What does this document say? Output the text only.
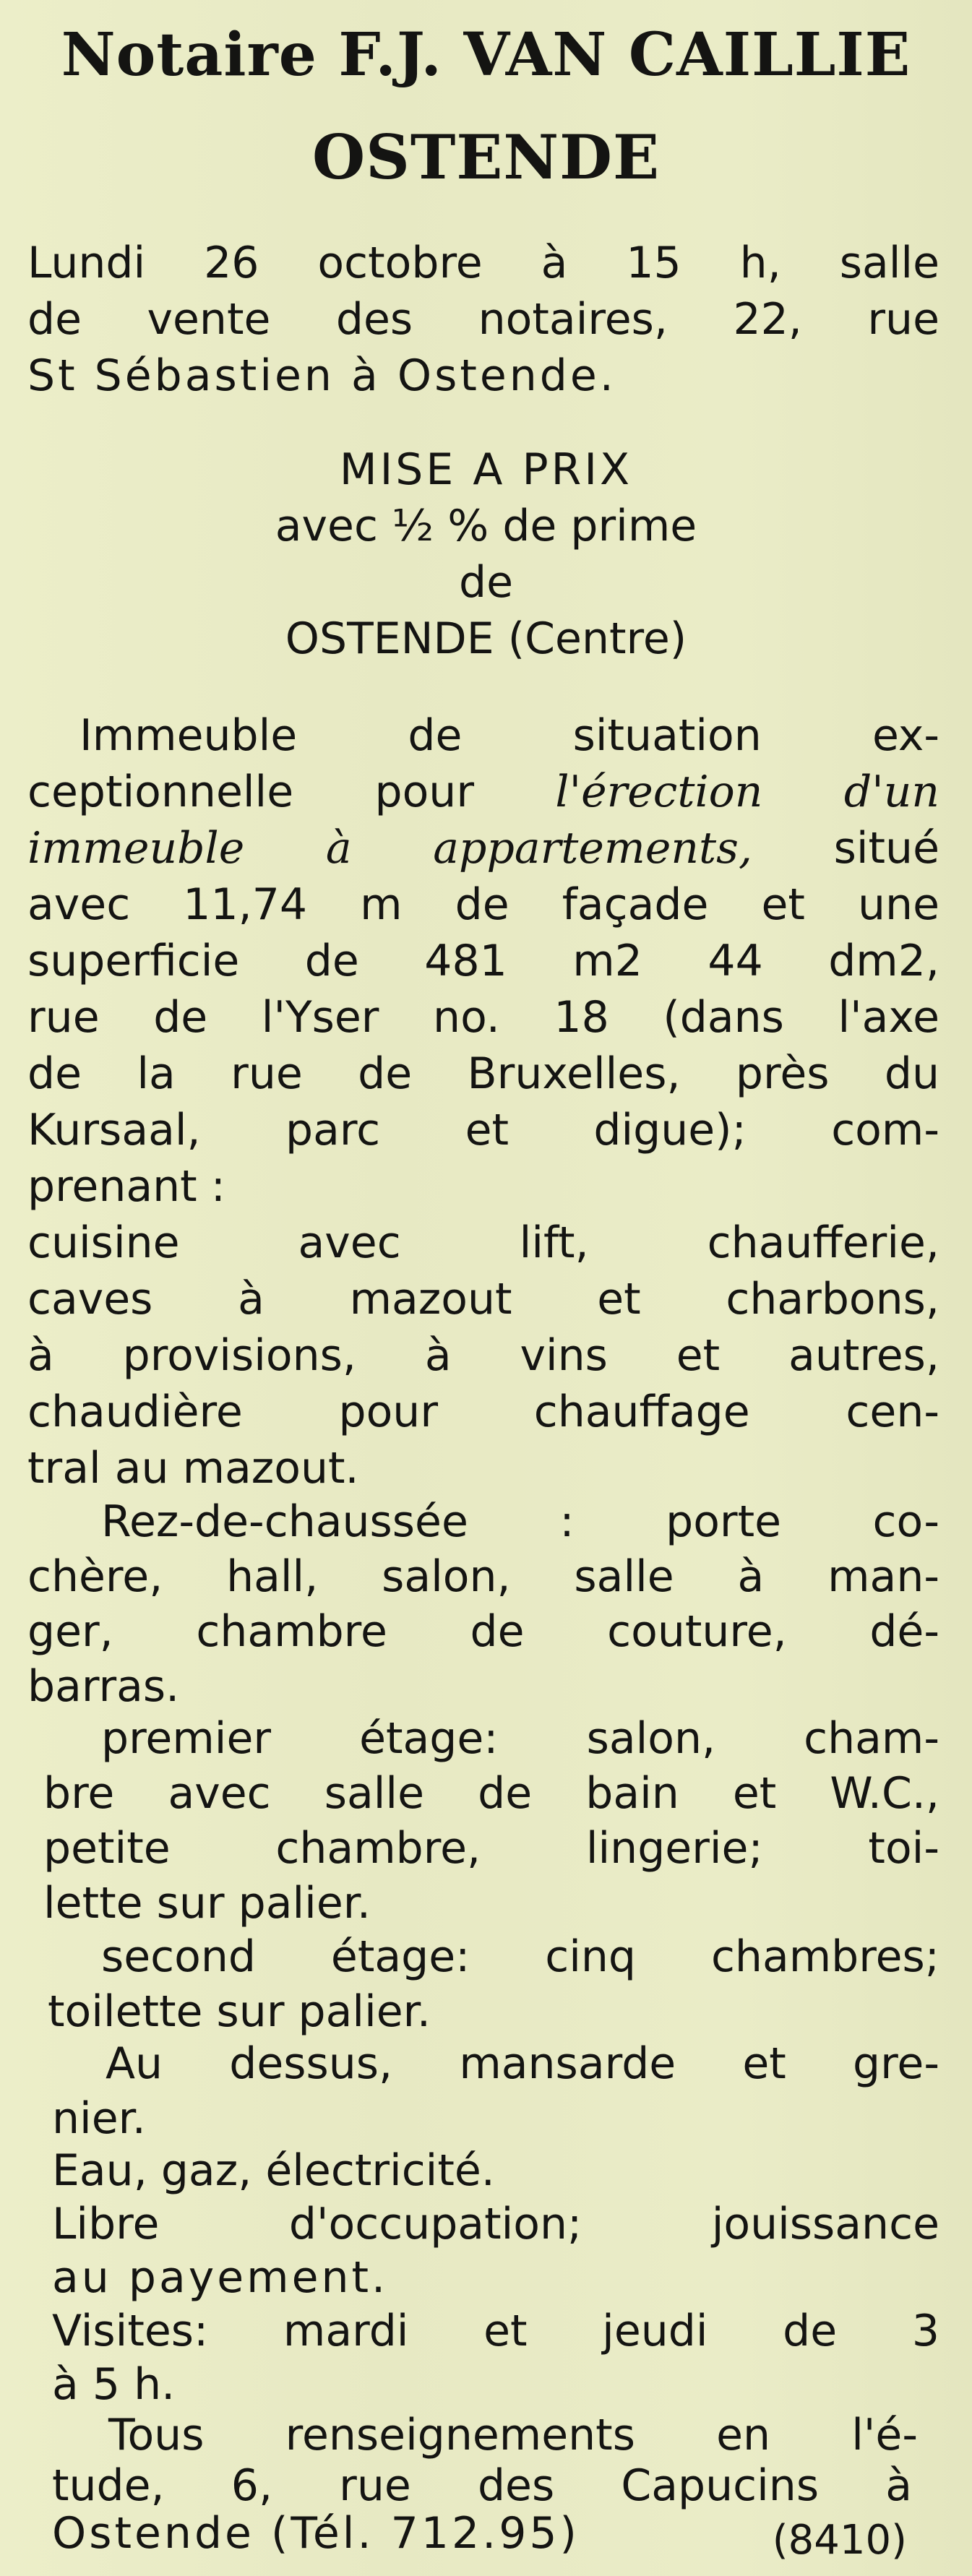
Notaire F.J. VAN CAILLIE
OSTENDE
Lundi 26 octobre à 15 h, salle
de vente des notaires, 22, rue
St Sébastien à Ostende.
MISE A PRIX
avec ½ % de prime
de
OSTENDE (Centre)
Immeuble de situation ex-
ceptionnelle pour l'érection d'un
immeuble à appartements, situé
avec 11,74 m de façade et une
superficie de 481 m2 44 dm2,
rue de l'Yser no. 18 (dans l'axe
de la rue de Bruxelles, près du
Kursaal, parc et digue); com-
prenant :
cuisine avec lift, chaufferie,
caves à mazout et charbons,
à provisions, à vins et autres,
chaudière pour chauffage cen-
tral au mazout.
Rez-de-chaussée : porte co-
chère, hall, salon, salle à man-
ger, chambre de couture, dé-
barras.
premier étage: salon, cham-
bre avec salle de bain et W.C.,
petite chambre, lingerie; toi-
lette sur palier.
second étage: cinq chambres;
toilette sur palier.
Au dessus, mansarde et gre-
nier.
Eau, gaz, électricité.
Libre d'occupation; jouissance
au payement.
Visites: mardi et jeudi de 3
à 5 h.
Tous renseignements en l'é-
tude, 6, rue des Capucins à
Ostende (Tél. 712.95)	(8410)
